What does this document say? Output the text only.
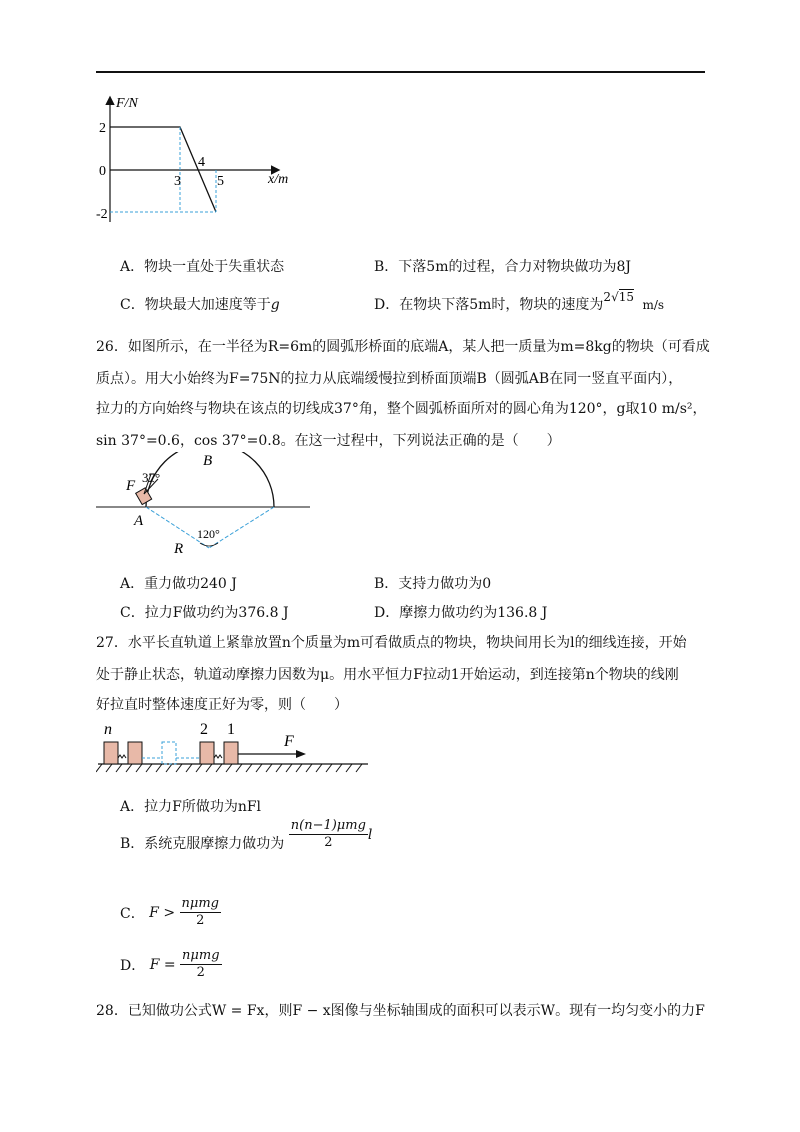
F/N
x/m
2
0
-2
3
4
5
A．物块一直处于失重状态	B．下落5m的过程，合力对物块做功为8J
C．物块最大加速度等于g	D．在物块下落5m时，物块的速度为2√15 m/s
26．如图所示，在一半径为R=6m的圆弧形桥面的底端A，某人把一质量为m=8kg的物块（可看成
质点）。用大小始终为F=75N的拉力从底端缓慢拉到桥面顶端B（圆弧AB在同一竖直平面内），
拉力的方向始终与物块在该点的切线成37°角，整个圆弧桥面所对的圆心角为120°，g取10 m/s²，
sin 37°=0.6，cos 37°=0.8。在这一过程中，下列说法正确的是（　　）
B
F
37°
A
R
120°
A．重力做功240 J	B．支持力做功为0
C．拉力F做功约为376.8 J	D．摩擦力做功约为136.8 J
27．水平长直轨道上紧靠放置n个质量为m可看做质点的物块，物块间用长为l的细线连接，开始
处于静止状态，轨道动摩擦力因数为μ。用水平恒力F拉动1开始运动，到连接第n个物块的线刚
好拉直时整体速度正好为零，则（　　）
n	2 1
F
A．拉力F所做功为nFl
B．系统克服摩擦力做功为 $\frac{\text{n(n−1)μmg}}{2}$ l
C． $F > \frac{\text{nμmg}}{2}$
D． $F = \frac{\text{nμmg}}{2}$
28．已知做功公式W = Fx，则F − x图像与坐标轴围成的面积可以表示W。现有一均匀变小的力F
